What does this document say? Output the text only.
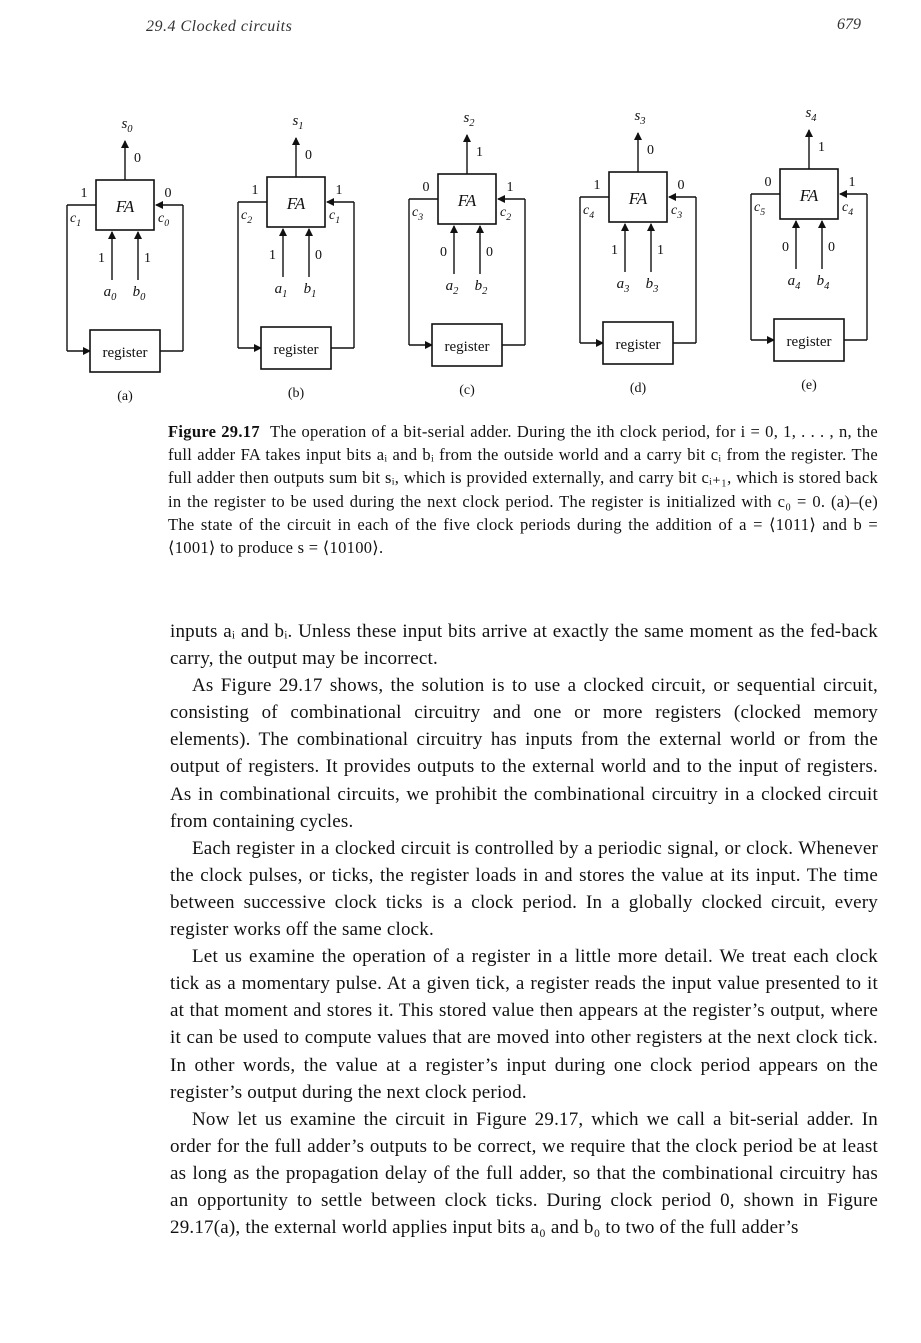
29.4 Clocked circuits	679
FA
$s_0$
0
1
$c_1$
0
$c_0$
1	1
$a_0$ $b_0$
register
(a)
FA
$s_1$
0
1
$c_2$
1
$c_1$
1	0
$a_1$ $b_1$
register
(b)
FA
$s_2$
1
0
$c_3$
1
$c_2$
0	0
$a_2$ $b_2$
register
(c)
FA
$s_3$
0
1
$c_4$
0
$c_3$
1	1
$a_3$ $b_3$
register
(d)
FA
$s_4$
1
0
$c_5$
1
$c_4$
0	0
$a_4$ $b_4$
register
(e)
Figure 29.17 The operation of a bit-serial adder. During the ith clock period, for i = 0, 1, . . . , n, the full adder FA takes input bits aᵢ and bᵢ from the outside world and a carry bit cᵢ from the register. The full adder then outputs sum bit sᵢ, which is provided externally, and carry bit cᵢ₊₁, which is stored back in the register to be used during the next clock period. The register is initialized with c₀ = 0. (a)–(e) The state of the circuit in each of the five clock periods during the addition of a = ⟨1011⟩ and b = ⟨1001⟩ to produce s = ⟨10100⟩.

inputs aᵢ and bᵢ. Unless these input bits arrive at exactly the same moment as the fed-back carry, the output may be incorrect.

As Figure 29.17 shows, the solution is to use a clocked circuit, or sequential circuit, consisting of combinational circuitry and one or more registers (clocked memory elements). The combinational circuitry has inputs from the external world or from the output of registers. It provides outputs to the external world and to the input of registers. As in combinational circuits, we prohibit the combinational circuitry in a clocked circuit from containing cycles.

Each register in a clocked circuit is controlled by a periodic signal, or clock. Whenever the clock pulses, or ticks, the register loads in and stores the value at its input. The time between successive clock ticks is a clock period. In a globally clocked circuit, every register works off the same clock.

Let us examine the operation of a register in a little more detail. We treat each clock tick as a momentary pulse. At a given tick, a register reads the input value presented to it at that moment and stores it. This stored value then appears at the register’s output, where it can be used to compute values that are moved into other registers at the next clock tick. In other words, the value at a register’s input during one clock period appears on the register’s output during the next clock period.

Now let us examine the circuit in Figure 29.17, which we call a bit-serial adder. In order for the full adder’s outputs to be correct, we require that the clock period be at least as long as the propagation delay of the full adder, so that the combinational circuitry has an opportunity to settle between clock ticks. During clock period 0, shown in Figure 29.17(a), the external world applies input bits a₀ and b₀ to two of the full adder’s
